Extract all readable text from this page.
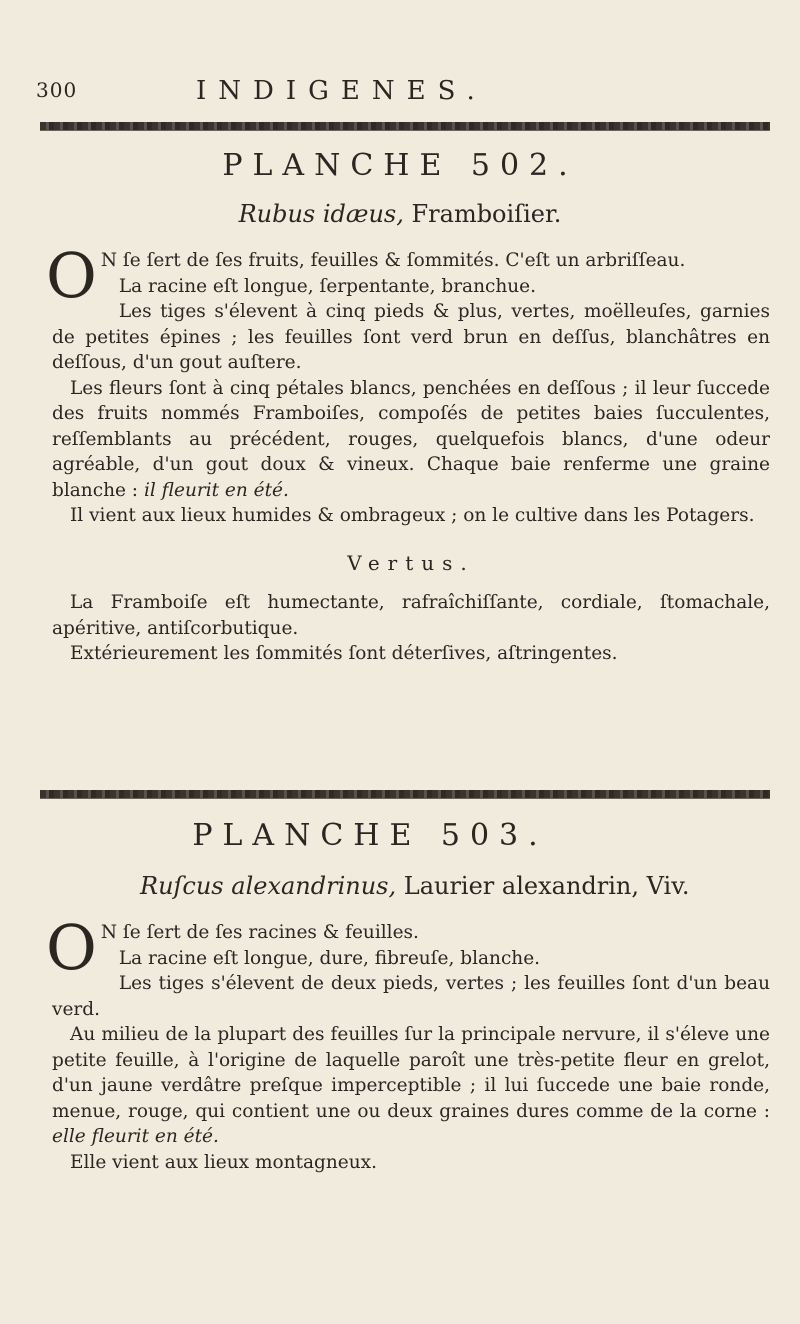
300	INDIGENES.
PLANCHE 502.
Rubus idæus, Framboiſier.

O N ſe ſert de ſes fruits, feuilles & ſommités. C'eſt un arbriſſeau.

La racine eſt longue, ſerpentante, branchue.

Les tiges s'élevent à cinq pieds & plus, vertes, moëlleuſes, garnies de petites épines ; les feuilles ſont verd brun en deſſus, blanchâtres en deſſous, d'un gout auſtere.

Les fleurs ſont à cinq pétales blancs, penchées en deſſous ; il leur ſuccede des fruits nommés Framboiſes, compoſés de petites baies ſucculentes, reſſemblants au précédent, rouges, quelquefois blancs, d'une odeur agréable, d'un gout doux & vineux. Chaque baie renferme une graine blanche : il fleurit en été.

Il vient aux lieux humides & ombrageux ; on le cultive dans les Potagers.

Vertus.

La Framboiſe eſt humectante, rafraîchiſſante, cordiale, ſtomachale, apéritive, antiſcorbutique.

Extérieurement les ſommités ſont déterſives, aſtringentes.

PLANCHE 503.
Ruſcus alexandrinus, Laurier alexandrin, Viv.

O N ſe ſert de ſes racines & feuilles.

La racine eſt longue, dure, fibreuſe, blanche.

Les tiges s'élevent de deux pieds, vertes ; les feuilles ſont d'un beau verd.

Au milieu de la plupart des feuilles ſur la principale nervure, il s'éleve une petite feuille, à l'origine de laquelle paroît une très-petite fleur en grelot, d'un jaune verdâtre preſque imperceptible ; il lui ſuccede une baie ronde, menue, rouge, qui contient une ou deux graines dures comme de la corne : elle fleurit en été.

Elle vient aux lieux montagneux.
